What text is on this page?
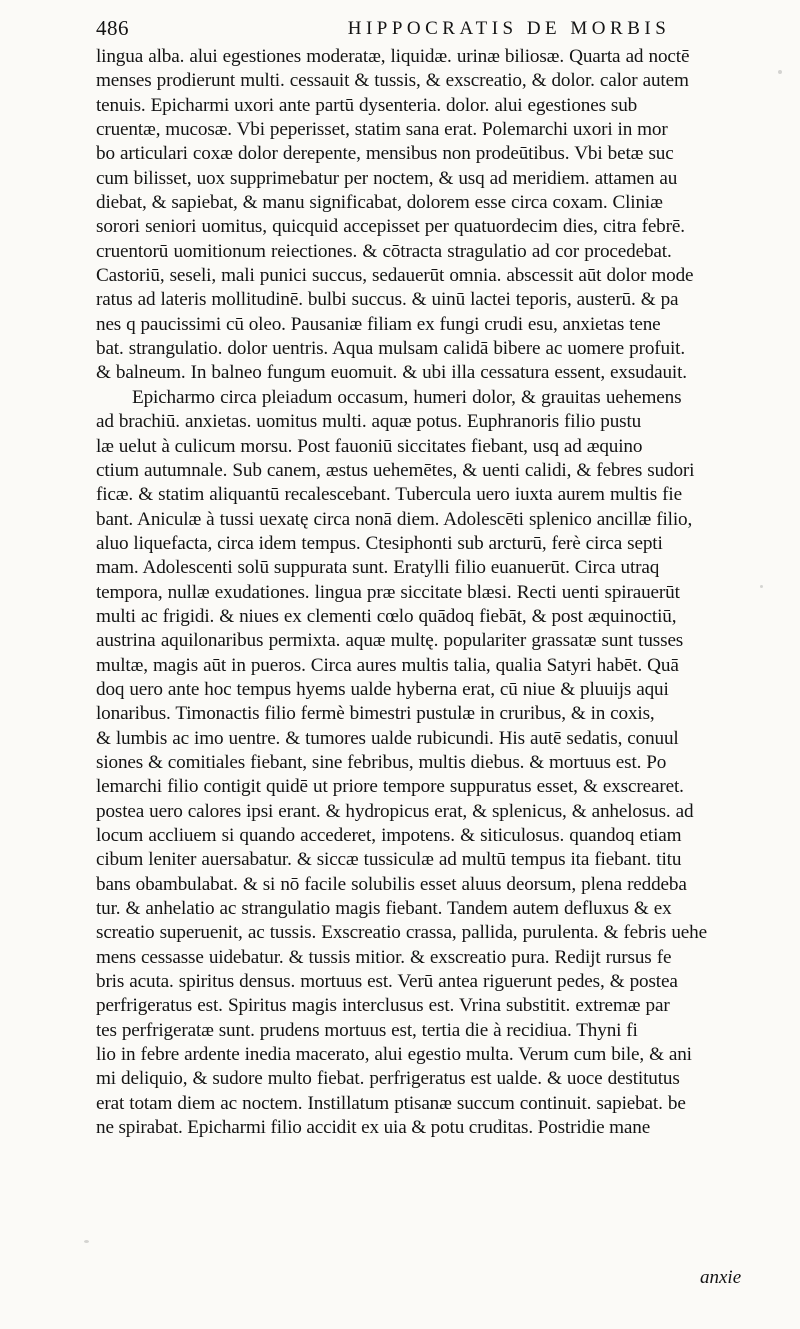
486	HIPPOCRATIS DE MORBIS
lingua alba. alui egestiones moderatæ, liquidæ. urinæ biliosæ. Quarta ad noctē
menses prodierunt multi. cessauit & tussis, & exscreatio, & dolor. calor autem
tenuis. Epicharmi uxori ante partū dysenteria. dolor. alui egestiones sub
cruentæ, mucosæ. Vbi peperisset, statim sana erat. Polemarchi uxori in mor
bo articulari coxæ dolor derepente, mensibus non prodeūtibus. Vbi betæ suc
cum bilisset, uox supprimebatur per noctem, & usq ad meridiem. attamen au
diebat, & sapiebat, & manu significabat, dolorem esse circa coxam. Cliniæ
sorori seniori uomitus, quicquid accepisset per quatuordecim dies, citra febrē.
cruentorū uomitionum reiectiones. & cōtracta stragulatio ad cor procedebat.
Castoriū, seseli, mali punici succus, sedauerūt omnia. abscessit aūt dolor mode
ratus ad lateris mollitudinē. bulbi succus. & uinū lactei teporis, austerū. & pa
nes q paucissimi cū oleo. Pausaniæ filiam ex fungi crudi esu, anxietas tene
bat. strangulatio. dolor uentris. Aqua mulsam calidā bibere ac uomere profuit.
& balneum. In balneo fungum euomuit. & ubi illa cessatura essent, exsudauit.
Epicharmo circa pleiadum occasum, humeri dolor, & grauitas uehemens
ad brachiū. anxietas. uomitus multi. aquæ potus. Euphranoris filio pustu
læ uelut à culicum morsu. Post fauoniū siccitates fiebant, usq ad æquino
ctium autumnale. Sub canem, æstus uehemētes, & uenti calidi, & febres sudori
ficæ. & statim aliquantū recalescebant. Tubercula uero iuxta aurem multis fie
bant. Aniculæ à tussi uexatę circa nonā diem. Adolescēti splenico ancillæ filio,
aluo liquefacta, circa idem tempus. Ctesiphonti sub arcturū, ferè circa septi
mam. Adolescenti solū suppurata sunt. Eratylli filio euanuerūt. Circa utraq
tempora, nullæ exudationes. lingua præ siccitate blæsi. Recti uenti spirauerūt
multi ac frigidi. & niues ex clementi cœlo quādoq fiebāt, & post æquinoctiū,
austrina aquilonaribus permixta. aquæ multę. populariter grassatæ sunt tusses
multæ, magis aūt in pueros. Circa aures multis talia, qualia Satyri habēt. Quā
doq uero ante hoc tempus hyems ualde hyberna erat, cū niue & pluuijs aqui
lonaribus. Timonactis filio fermè bimestri pustulæ in cruribus, & in coxis,
& lumbis ac imo uentre. & tumores ualde rubicundi. His autē sedatis, conuul
siones & comitiales fiebant, sine febribus, multis diebus. & mortuus est. Po
lemarchi filio contigit quidē ut priore tempore suppuratus esset, & exscrearet.
postea uero calores ipsi erant. & hydropicus erat, & splenicus, & anhelosus. ad
locum accliuem si quando accederet, impotens. & siticulosus. quandoq etiam
cibum leniter auersabatur. & siccæ tussiculæ ad multū tempus ita fiebant. titu
bans obambulabat. & si nō facile solubilis esset aluus deorsum, plena reddeba
tur. & anhelatio ac strangulatio magis fiebant. Tandem autem defluxus & ex
screatio superuenit, ac tussis. Exscreatio crassa, pallida, purulenta. & febris uehe
mens cessasse uidebatur. & tussis mitior. & exscreatio pura. Redijt rursus fe
bris acuta. spiritus densus. mortuus est. Verū antea riguerunt pedes, & postea
perfrigeratus est. Spiritus magis interclusus est. Vrina substitit. extremæ par
tes perfrigeratæ sunt. prudens mortuus est, tertia die à recidiua. Thyni fi
lio in febre ardente inedia macerato, alui egestio multa. Verum cum bile, & ani
mi deliquio, & sudore multo fiebat. perfrigeratus est ualde. & uoce destitutus
erat totam diem ac noctem. Instillatum ptisanæ succum continuit. sapiebat. be
ne spirabat. Epicharmi filio accidit ex uia & potu cruditas. Postridie mane
anxie
